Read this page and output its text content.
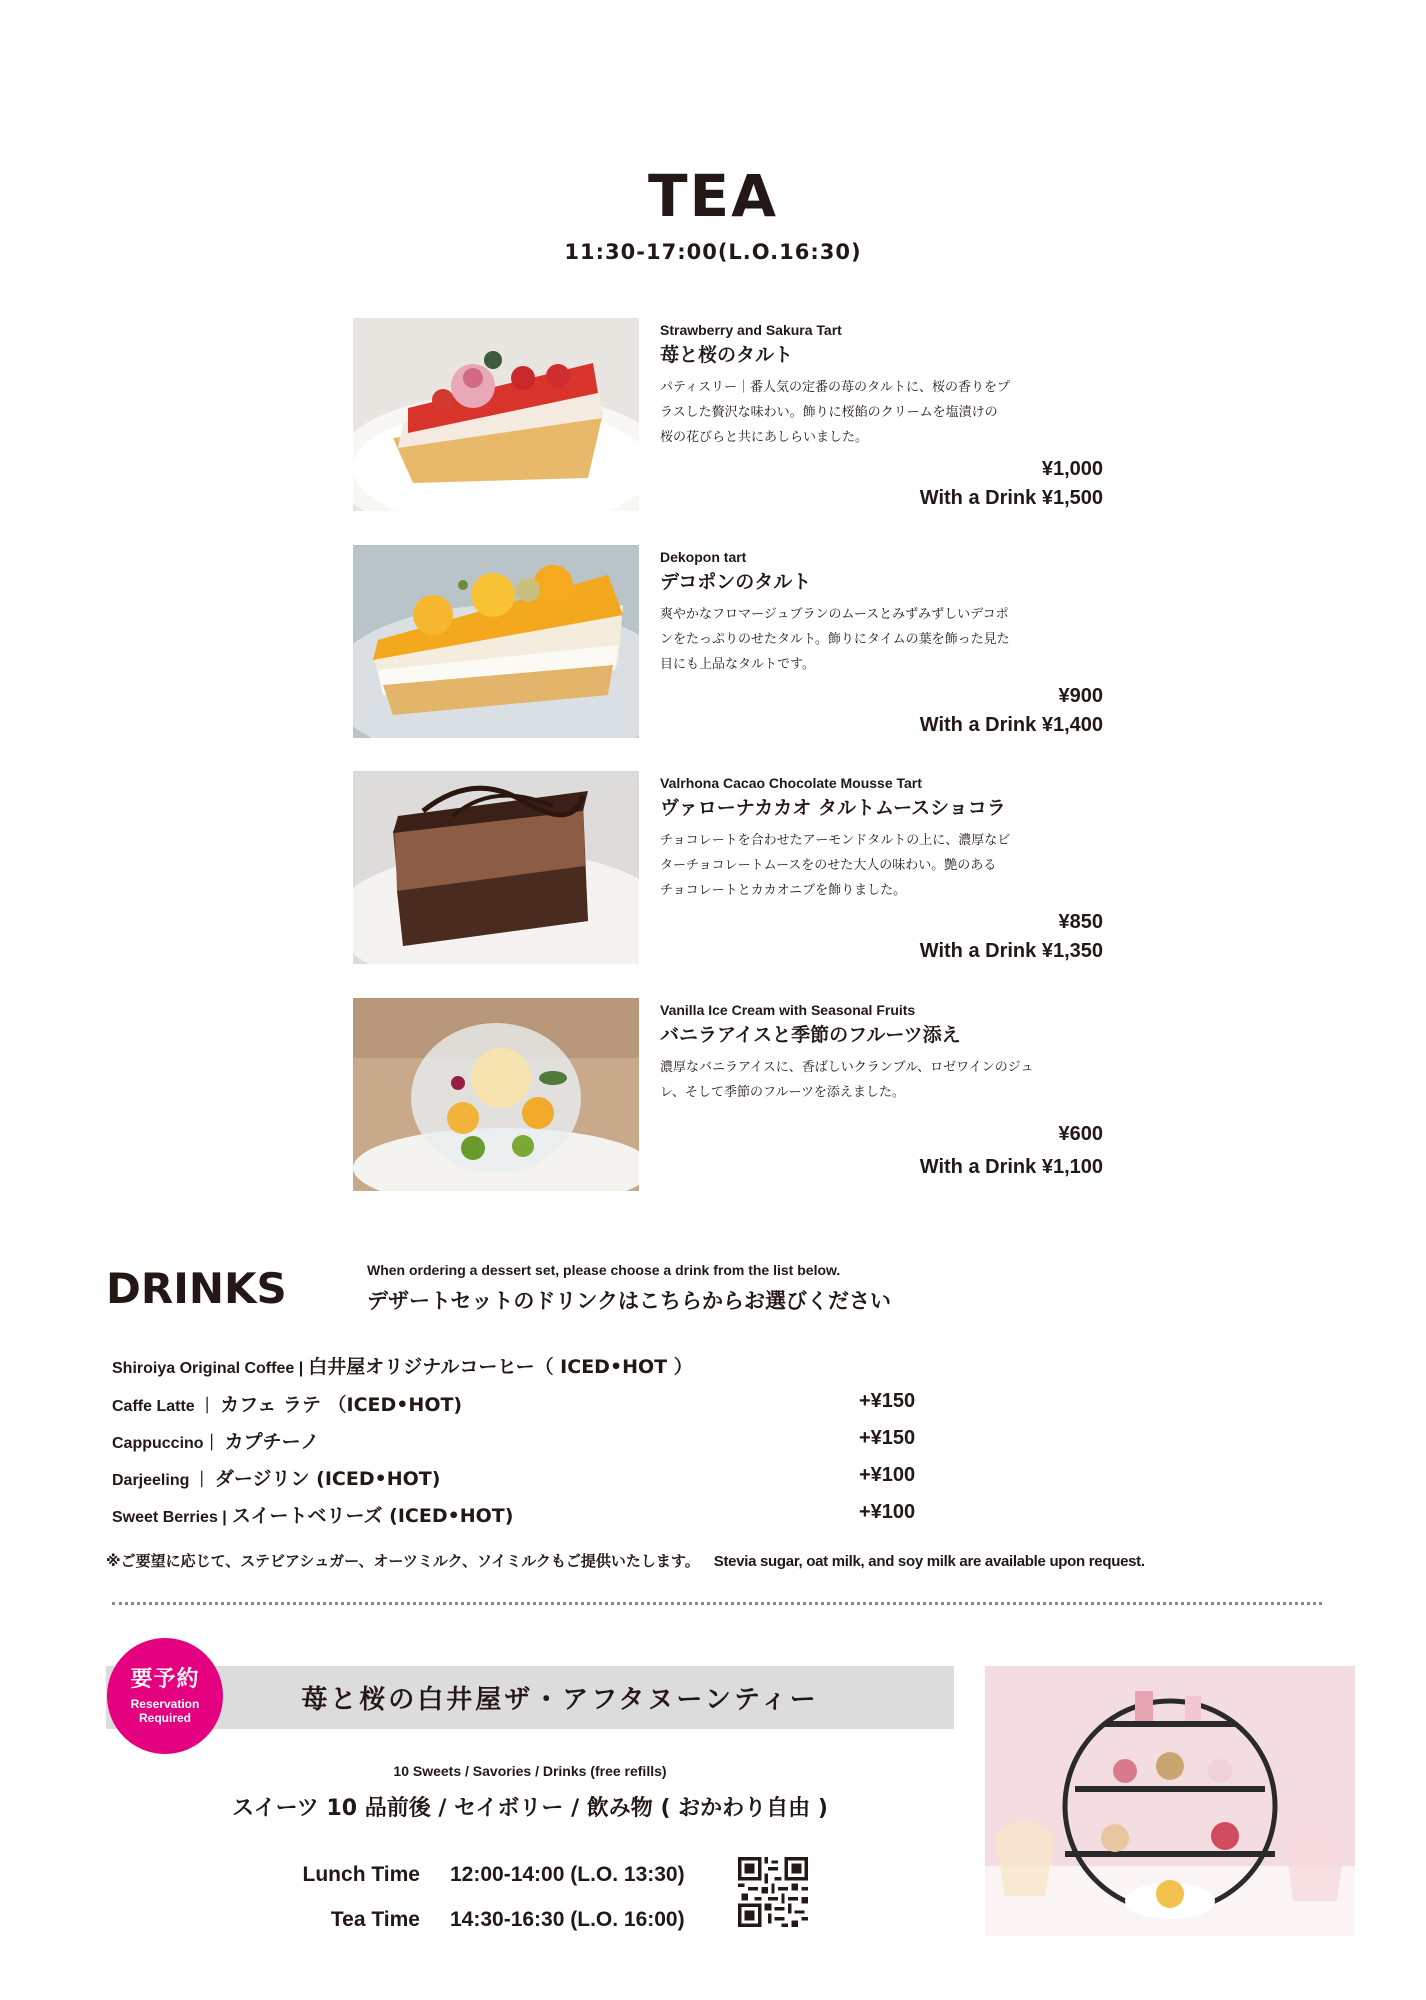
TEA
11:30-17:00(L.O.16:30)
Strawberry and Sakura Tart
苺と桜のタルト
パティスリー｜番人気の定番の苺のタルトに、桜の香りをプ
ラスした贅沢な味わい。飾りに桜餡のクリームを塩漬けの
桜の花びらと共にあしらいました。
¥1,000
With a Drink ¥1,500
Dekopon tart
デコポンのタルト
爽やかなフロマージュブランのムースとみずみずしいデコポ
ンをたっぷりのせたタルト。飾りにタイムの葉を飾った見た
目にも上品なタルトです。
¥900
With a Drink ¥1,400
Valrhona Cacao Chocolate Mousse Tart
ヴァローナカカオ タルトムースショコラ
チョコレートを合わせたアーモンドタルトの上に、濃厚なビ
ターチョコレートムースをのせた大人の味わい。艶のある
チョコレートとカカオニブを飾りました。
¥850
With a Drink ¥1,350
Vanilla Ice Cream with Seasonal Fruits
バニラアイスと季節のフルーツ添え
濃厚なバニラアイスに、香ばしいクランブル、ロゼワインのジュ
レ、そして季節のフルーツを添えました。
¥600
With a Drink ¥1,100
DRINKS	When ordering a dessert set, please choose a drink from the list below.
デザートセットのドリンクはこちらからお選びください
Shiroiya Original Coffee | 白井屋オリジナルコーヒー（ ICED•HOT ）
Caffe Latte ｜ カフェ ラテ （ICED•HOT)	+¥150
Cappuccino｜ カプチーノ	+¥150
Darjeeling ｜ ダージリン (ICED•HOT)	+¥100
Sweet Berries | スイートベリーズ (ICED•HOT)	+¥100
※ご要望に応じて、ステビアシュガー、オーツミルク、ソイミルクもご提供いたします。 Stevia sugar, oat milk, and soy milk are available upon request.
苺と桜の白井屋ザ・アフタヌーンティー
要予約
Reservation
Required
10 Sweets / Savories / Drinks (free refills)
スイーツ 10 品前後 / セイボリー / 飲み物 ( おかわり自由 )
Lunch Time 12:00-14:00 (L.O. 13:30)
Tea Time 14:30-16:30 (L.O. 16:00)
